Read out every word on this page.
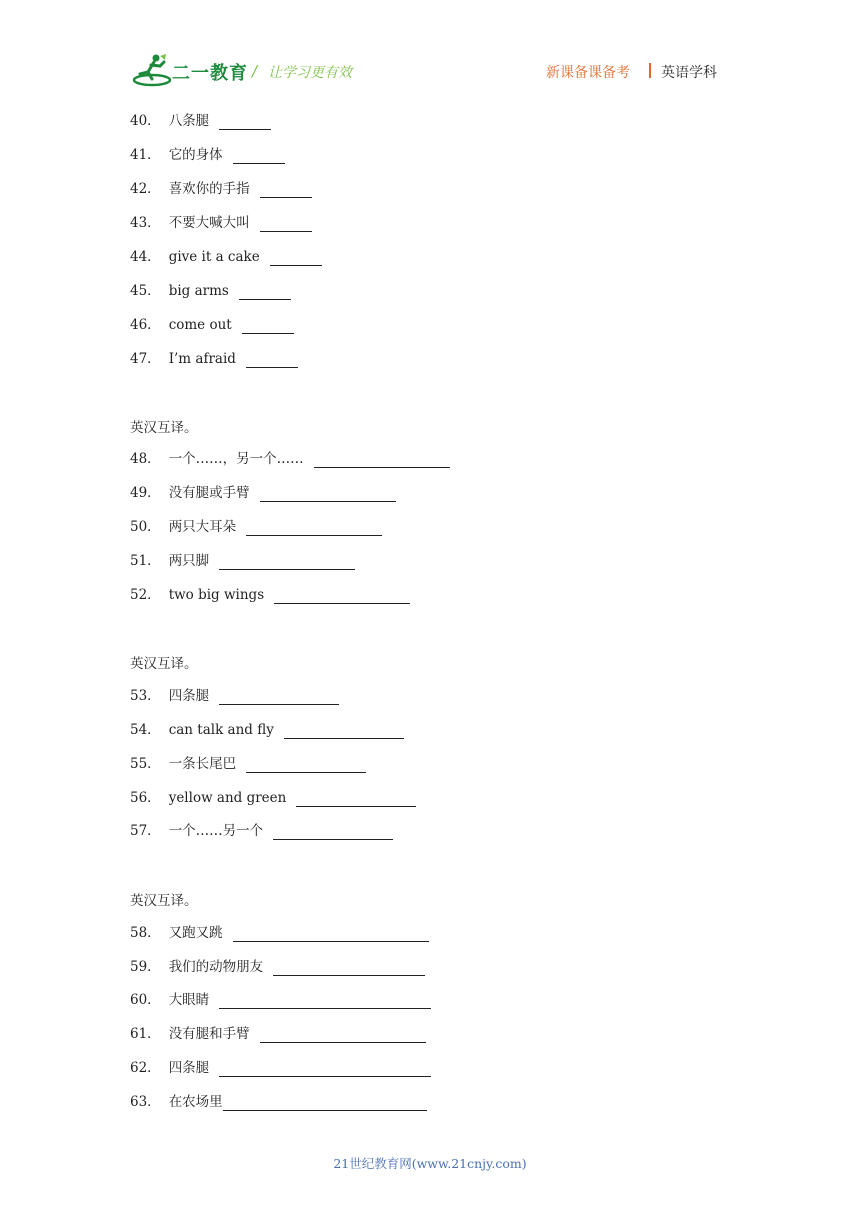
二一教育 / 让学习更有效	新课备课备考 英语学科
40． 八条腿
41． 它的身体
42． 喜欢你的手指
43． 不要大喊大叫
44． give it a cake
45． big arms
46． come out
47． I’m afraid
英汉互译。
48． 一个……，另一个……
49． 没有腿或手臂
50． 两只大耳朵
51． 两只脚
52． two big wings
英汉互译。
53． 四条腿
54． can talk and fly
55． 一条长尾巴
56． yellow and green
57． 一个……另一个
英汉互译。
58． 又跑又跳
59． 我们的动物朋友
60． 大眼睛
61． 没有腿和手臂
62． 四条腿
63． 在农场里
21世纪教育网(www.21cnjy.com)
